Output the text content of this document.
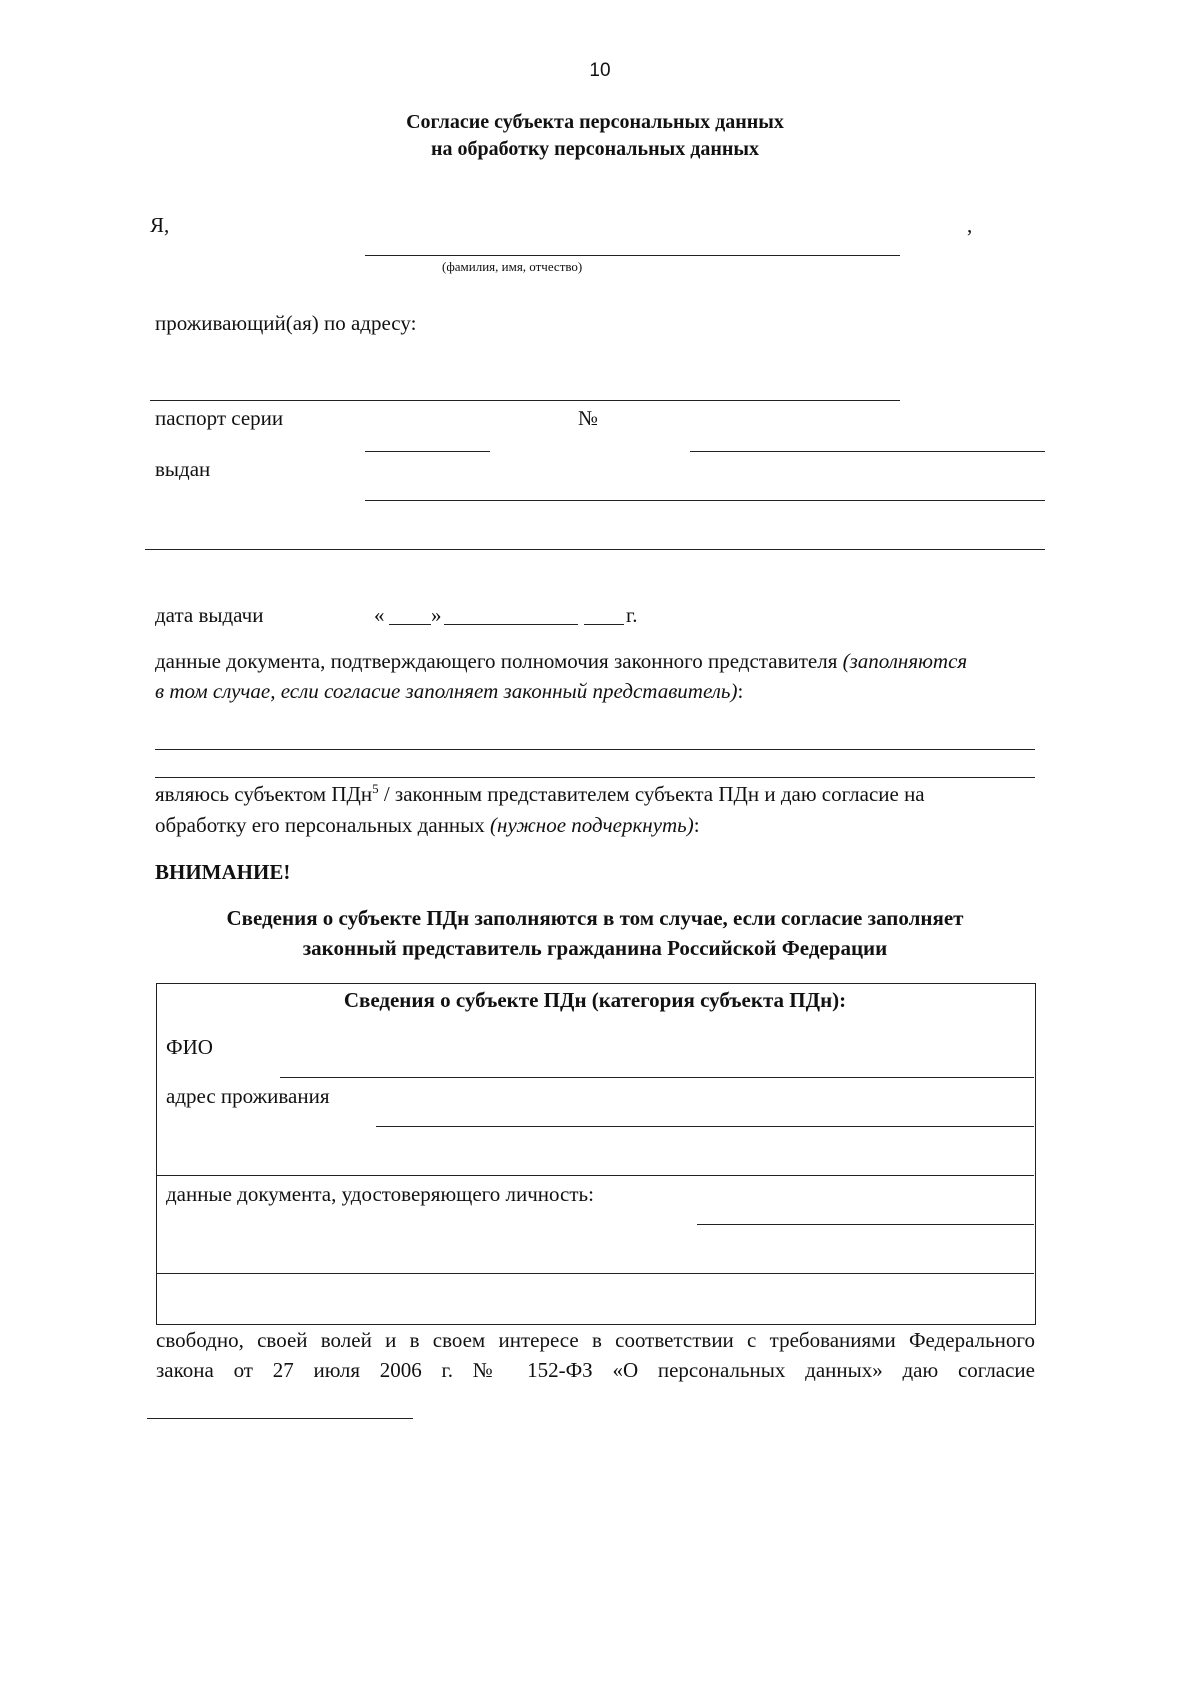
10
Согласие субъекта персональных данных
на обработку персональных данных
Я,	,
(фамилия, имя, отчество)
проживающий(ая) по адресу:
паспорт серии	№
выдан
дата выдачи	« »	г.
данные документа, подтверждающего полномочия законного представителя (заполняются
в том случае, если согласие заполняет законный представитель):
являюсь субъектом ПДн$^5$ / законным представителем субъекта ПДн и даю согласие на
обработку его персональных данных (нужное подчеркнуть):
ВНИМАНИЕ!
Сведения о субъекте ПДн заполняются в том случае, если согласие заполняет
законный представитель гражданина Российской Федерации
Сведения о субъекте ПДн (категория субъекта ПДн):
ФИО
адрес проживания
данные документа, удостоверяющего личность:
свободно, своей волей и в своем интересе в соответствии с требованиями Федерального
закона от 27 июля 2006 г. № 152-ФЗ «О персональных данных» даю согласие
